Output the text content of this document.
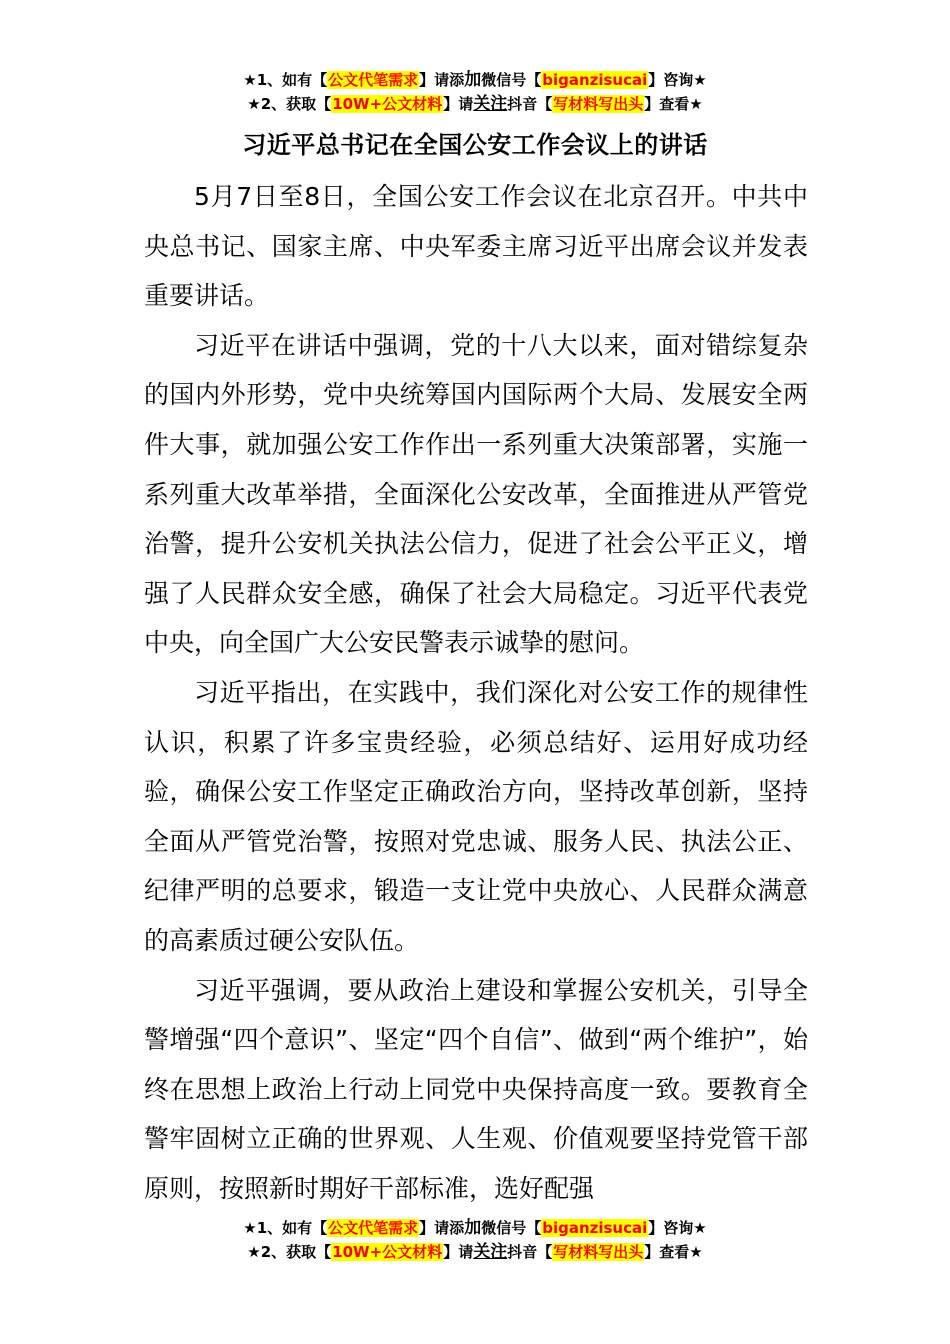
★1、如有【公文代笔需求】请添加微信号【biganzisucai】咨询★
★2、获取【10W+公文材料】请关注抖音【写材料写出头】查看★
习近平总书记在全国公安工作会议上的讲话

5月7日至8日，全国公安工作会议在北京召开。中共中央总书记、国家主席、中央军委主席习近平出席会议并发表重要讲话。

习近平在讲话中强调，党的十八大以来，面对错综复杂的国内外形势，党中央统筹国内国际两个大局、发展安全两件大事，就加强公安工作作出一系列重大决策部署，实施一系列重大改革举措，全面深化公安改革，全面推进从严管党治警，提升公安机关执法公信力，促进了社会公平正义，增强了人民群众安全感，确保了社会大局稳定。习近平代表党中央，向全国广大公安民警表示诚挚的慰问。

习近平指出，在实践中，我们深化对公安工作的规律性认识，积累了许多宝贵经验，必须总结好、运用好成功经验，确保公安工作坚定正确政治方向，坚持改革创新，坚持全面从严管党治警，按照对党忠诚、服务人民、执法公正、纪律严明的总要求，锻造一支让党中央放心、人民群众满意的高素质过硬公安队伍。

习近平强调，要从政治上建设和掌握公安机关，引导全警增强“四个意识”、坚定“四个自信”、做到“两个维护”，始终在思想上政治上行动上同党中央保持高度一致。要教育全警牢固树立正确的世界观、人生观、价值观要坚持党管干部原则，按照新时期好干部标准，选好配强

★1、如有【公文代笔需求】请添加微信号【biganzisucai】咨询★
★2、获取【10W+公文材料】请关注抖音【写材料写出头】查看★
